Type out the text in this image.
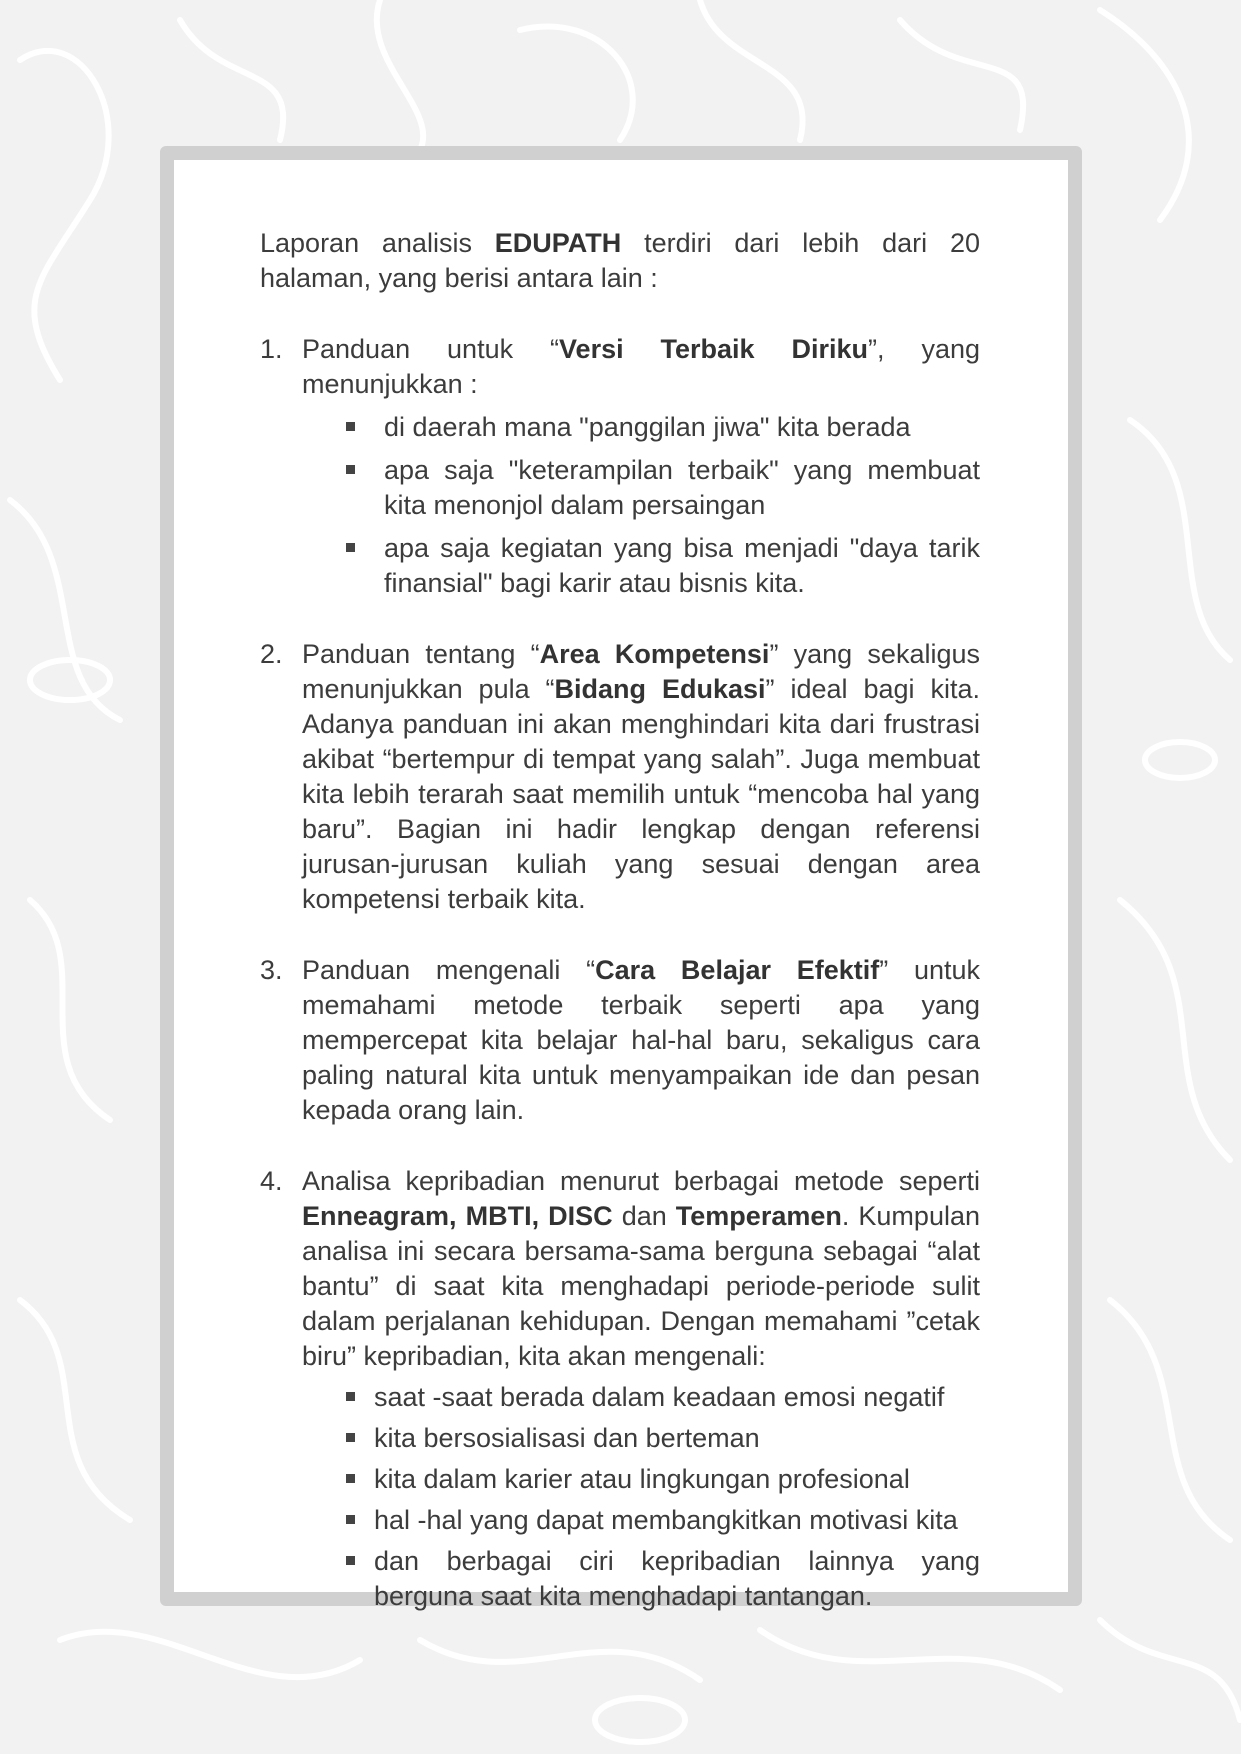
Laporan analisis EDUPATH terdiri dari lebih dari 20 halaman, yang berisi antara lain :

1. Panduan untuk “Versi Terbaik Diriku”, yang menunjukkan :
di daerah mana "panggilan jiwa" kita berada
apa saja "keterampilan terbaik" yang membuat kita menonjol dalam persaingan
apa saja kegiatan yang bisa menjadi "daya tarik finansial" bagi karir atau bisnis kita.
2. Panduan tentang “Area Kompetensi” yang sekaligus menunjukkan pula “Bidang Edukasi” ideal bagi kita. Adanya panduan ini akan menghindari kita dari frustrasi akibat “bertempur di tempat yang salah”. Juga membuat kita lebih terarah saat memilih untuk “mencoba hal yang baru”. Bagian ini hadir lengkap dengan referensi jurusan-jurusan kuliah yang sesuai dengan area kompetensi terbaik kita.
3. Panduan mengenali “Cara Belajar Efektif” untuk memahami metode terbaik seperti apa yang mempercepat kita belajar hal-hal baru, sekaligus cara paling natural kita untuk menyampaikan ide dan pesan kepada orang lain.
4. Analisa kepribadian menurut berbagai metode seperti Enneagram, MBTI, DISC dan Temperamen. Kumpulan analisa ini secara bersama-sama berguna sebagai “alat bantu” di saat kita menghadapi periode-periode sulit dalam perjalanan kehidupan. Dengan memahami ”cetak biru” kepribadian, kita akan mengenali:
saat -saat berada dalam keadaan emosi negatif
kita bersosialisasi dan berteman
kita dalam karier atau lingkungan profesional
hal -hal yang dapat membangkitkan motivasi kita
dan berbagai ciri kepribadian lainnya yang berguna saat kita menghadapi tantangan.
